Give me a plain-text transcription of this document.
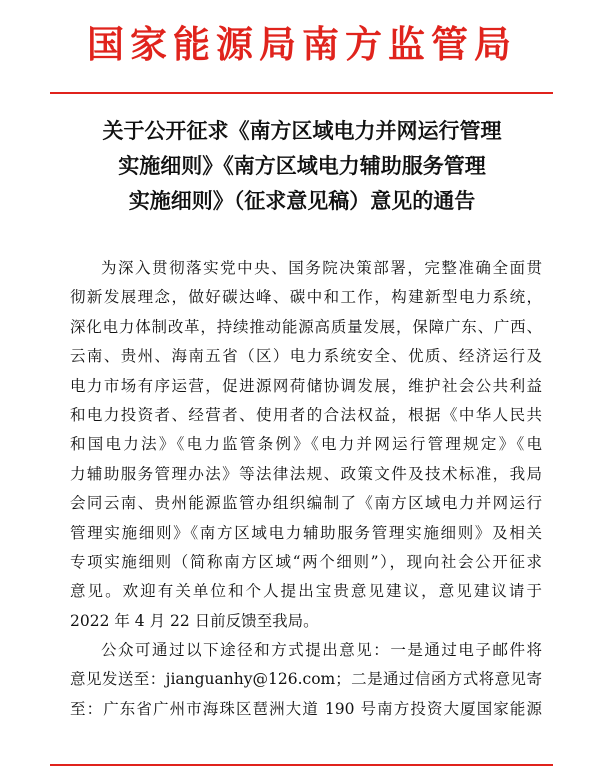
国家能源局南方监管局
关于公开征求《南方区域电力并网运行管理
实施细则》《南方区域电力辅助服务管理
实施细则》（征求意见稿）意见的通告
为深入贯彻落实党中央、国务院决策部署，完整准确全面贯
彻新发展理念，做好碳达峰、碳中和工作，构建新型电力系统，
深化电力体制改革，持续推动能源高质量发展，保障广东、广西、
云南、贵州、海南五省（区）电力系统安全、优质、经济运行及
电力市场有序运营，促进源网荷储协调发展，维护社会公共利益
和电力投资者、经营者、使用者的合法权益，根据《中华人民共
和国电力法》《电力监管条例》《电力并网运行管理规定》《电
力辅助服务管理办法》等法律法规、政策文件及技术标准，我局
会同云南、贵州能源监管办组织编制了《南方区域电力并网运行
管理实施细则》《南方区域电力辅助服务管理实施细则》及相关
专项实施细则（简称南方区域“两个细则”），现向社会公开征求
意见。欢迎有关单位和个人提出宝贵意见建议，意见建议请于
2022 年 4 月 22 日前反馈至我局。
公众可通过以下途径和方式提出意见：一是通过电子邮件将
意见发送至：jianguanhy@126.com；二是通过信函方式将意见寄
至：广东省广州市海珠区琶洲大道 190 号南方投资大厦国家能源
